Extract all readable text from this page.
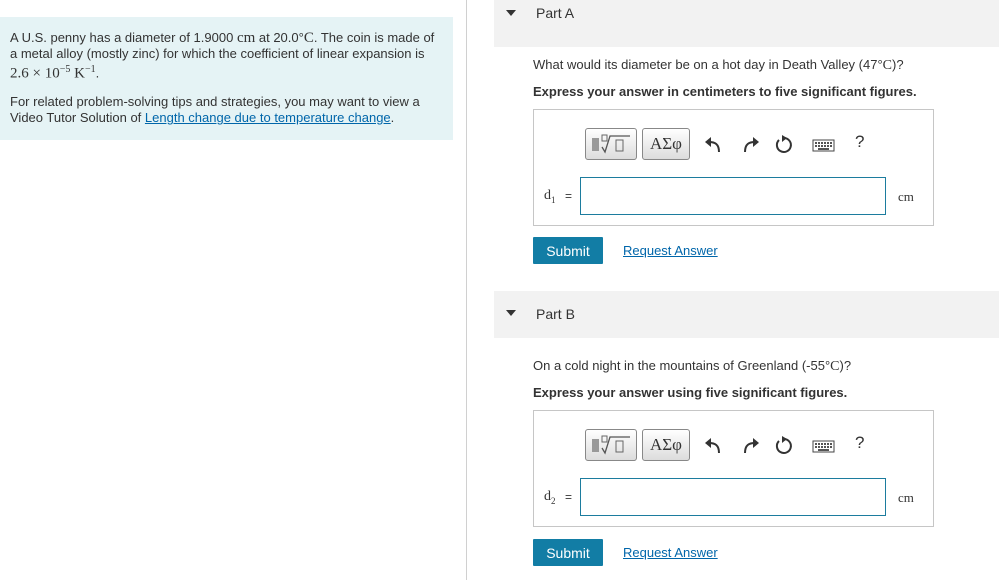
A U.S. penny has a diameter of 1.9000 cm at 20.0°C. The coin is made of a metal alloy (mostly zinc) for which the coefficient of linear expansion is $2.6 \times 10^{-5}$ $K^{-1}$.

For related problem-solving tips and strategies, you may want to view a Video Tutor Solution of Length change due to temperature change.

Part A
What would its diameter be on a hot day in Death Valley (47°C)?
Express your answer in centimeters to five significant figures.
ΑΣφ	?
$d_1$ =	cm
Submit	Request Answer
Part B
On a cold night in the mountains of Greenland (-55°C)?
Express your answer using five significant figures.
ΑΣφ	?
$d_2$ =	cm
Submit	Request Answer
